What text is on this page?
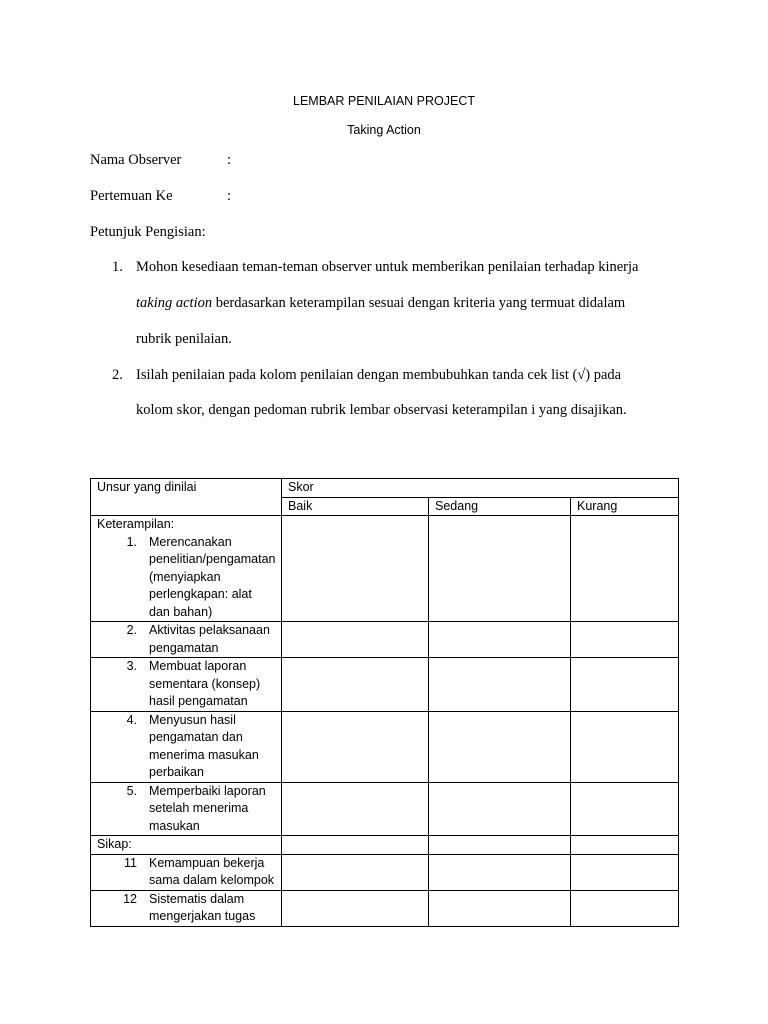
LEMBAR PENILAIAN PROJECT
Taking Action
Nama Observer	:
Pertemuan Ke	:
Petunjuk Pengisian:
1. Mohon kesediaan teman-teman observer untuk memberikan penilaian terhadap kinerja
taking action berdasarkan keterampilan sesuai dengan kriteria yang termuat didalam
rubrik penilaian.
2. Isilah penilaian pada kolom penilaian dengan membubuhkan tanda cek list (√) pada
kolom skor, dengan pedoman rubrik lembar observasi keterampilan i yang disajikan.
Unsur yang dinilai	Skor		
	Baik	Sedang	Kurang

Keterampilan:
1. Merencanakan penelitian/pengamatan (menyiapkan perlengkapan: alat dan bahan)			

2. Aktivitas pelaksanaan pengamatan			

3. Membuat laporan sementara (konsep) hasil pengamatan			

4. Menyusun hasil pengamatan dan menerima masukan perbaikan			

5. Memperbaiki laporan setelah menerima masukan			

Sikap:			

11 Kemampuan bekerja sama dalam kelompok			

12 Sistematis dalam mengerjakan tugas			
